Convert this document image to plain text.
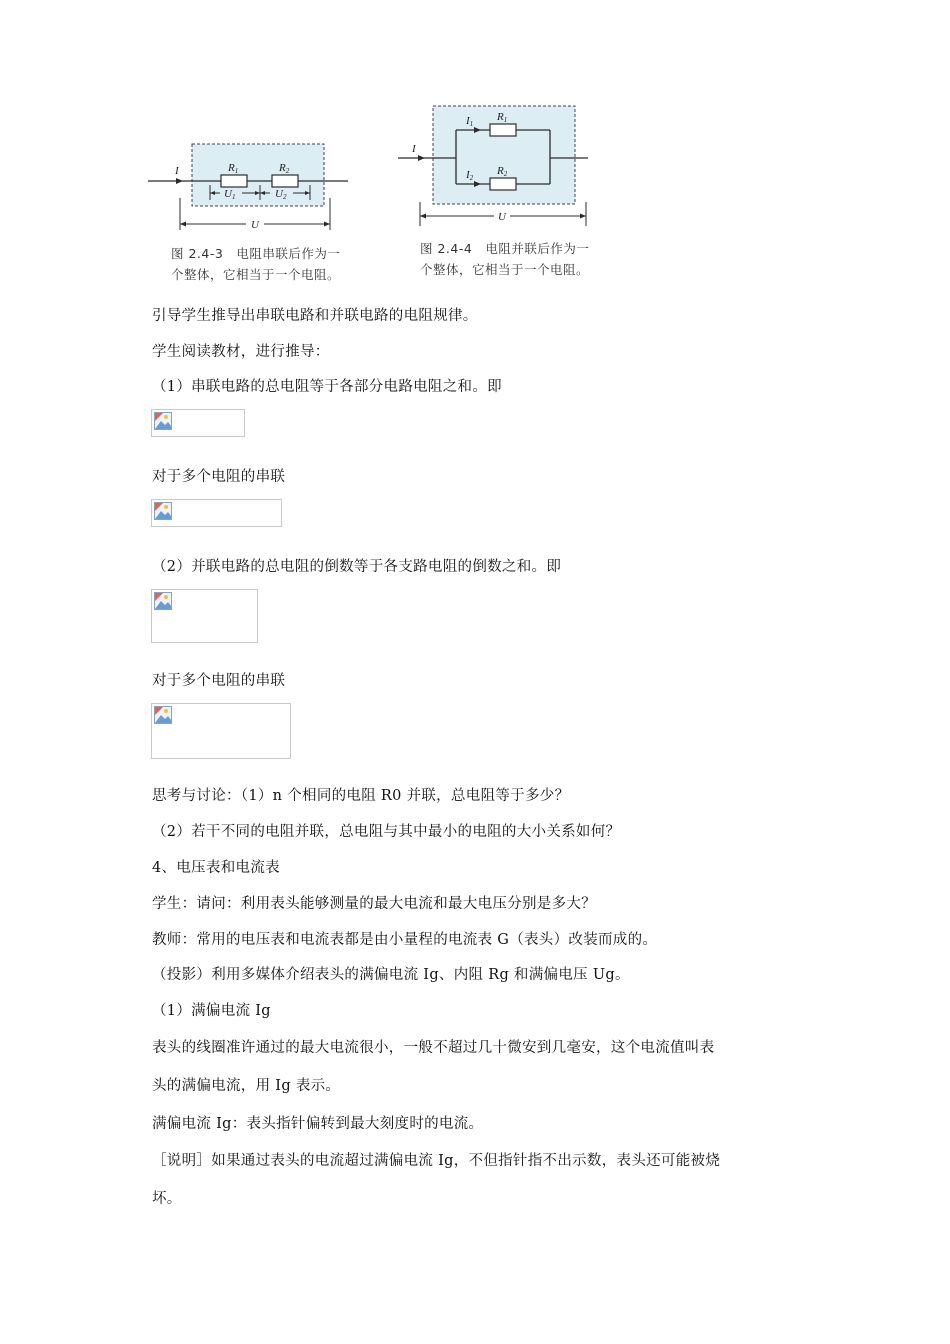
I	R1	R2
U1	U2
U
图 2.4-3　电阻串联后作为一
个整体，它相当于一个电阻。
I
I1
R1
I2
R2
U
图 2.4-4　电阻并联后作为一
个整体，它相当于一个电阻。
引导学生推导出串联电路和并联电路的电阻规律。
学生阅读教材，进行推导：
（1）串联电路的总电阻等于各部分电路电阻之和。即
对于多个电阻的串联
（2）并联电路的总电阻的倒数等于各支路电阻的倒数之和。即
对于多个电阻的串联
思考与讨论：（1）n 个相同的电阻 R0 并联，总电阻等于多少？
（2）若干不同的电阻并联，总电阻与其中最小的电阻的大小关系如何？
4、电压表和电流表
学生：请问：利用表头能够测量的最大电流和最大电压分别是多大？
教师：常用的电压表和电流表都是由小量程的电流表 G（表头）改装而成的。
（投影）利用多媒体介绍表头的满偏电流 Ig、内阻 Rg 和满偏电压 Ug。
（1）满偏电流 Ig
表头的线圈准许通过的最大电流很小，一般不超过几十微安到几毫安，这个电流值叫表
头的满偏电流，用 Ig 表示。
满偏电流 Ig：表头指针偏转到最大刻度时的电流。
［说明］如果通过表头的电流超过满偏电流 Ig，不但指针指不出示数，表头还可能被烧
坏。
